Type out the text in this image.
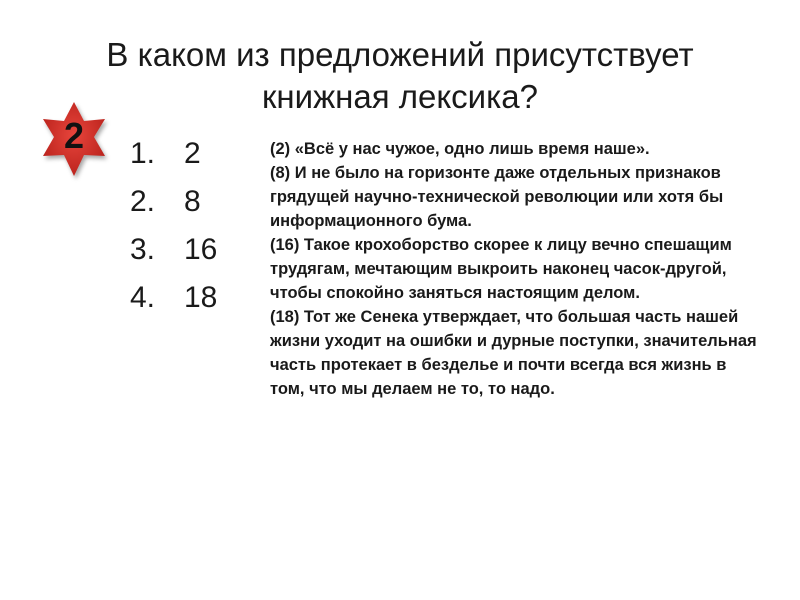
В каком из предложений присутствует
книжная лексика?
2	1. 2
2. 8
3. 16
4. 18

(2) «Всё у нас чужое, одно лишь время наше».

(8) И не было на горизонте даже отдельных признаков грядущей научно-технической революции или хотя бы информационного бума.

(16) Такое крохоборство скорее к лицу вечно спешащим трудягам, мечтающим выкроить наконец часок-другой, чтобы спокойно заняться настоящим делом.

(18) Тот же Сенека утверждает, что большая часть нашей жизни уходит на ошибки и дурные поступки, значительная часть протекает в безделье и почти всегда вся жизнь в том, что мы делаем не то, то надо.
